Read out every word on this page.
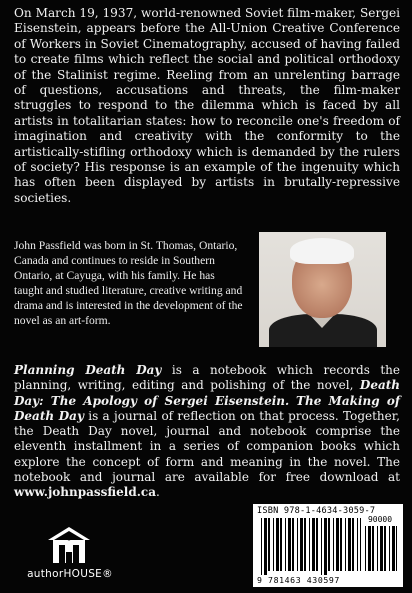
On March 19, 1937, world-renowned Soviet film-maker, Sergei Eisenstein, appears before the All-Union Creative Conference of Workers in Soviet Cinematography, accused of having failed to create films which reflect the social and political orthodoxy of the Stalinist regime. Reeling from an unrelenting barrage of questions, accusations and threats, the film-maker struggles to respond to the dilemma which is faced by all artists in totalitarian states: how to reconcile one's freedom of imagination and creativity with the conformity to the artistically-stifling orthodoxy which is demanded by the rulers of society? His response is an example of the ingenuity which has often been displayed by artists in brutally-repressive societies.

John Passfield was born in St. Thomas, Ontario, Canada and continues to reside in Southern Ontario, at Cayuga, with his family. He has taught and studied literature, creative writing and drama and is interested in the development of the novel as an art-form.

Planning Death Day is a notebook which records the planning, writing, editing and polishing of the novel, Death Day: The Apology of Sergei Eisenstein. The Making of Death Day is a journal of reflection on that process. Together, the Death Day novel, journal and notebook comprise the eleventh installment in a series of companion books which explore the concept of form and meaning in the novel. The notebook and journal are available for free download at www.johnpassfield.ca.

authorHOUSE®
ISBN 978-1-4634-3059-7
90000
9 781463 430597
